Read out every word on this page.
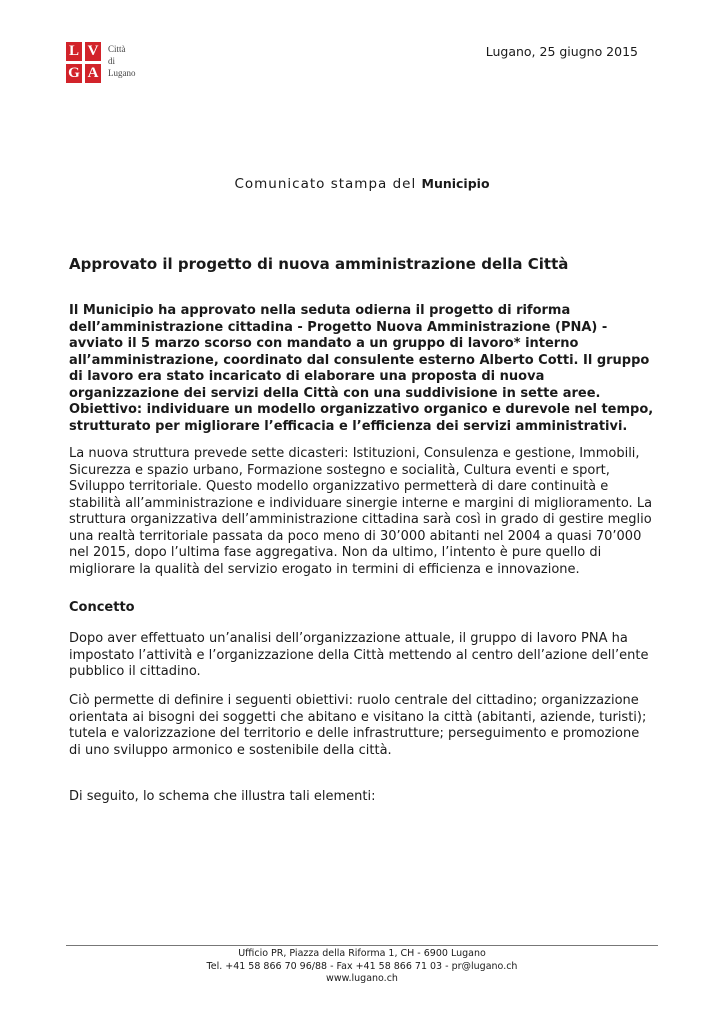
L V
G A
Città
di
Lugano
Lugano, 25 giugno 2015
Comunicato stampa del Municipio
Approvato il progetto di nuova amministrazione della Città

Il Municipio ha approvato nella seduta odierna il progetto di riforma dell’amministrazione cittadina - Progetto Nuova Amministrazione (PNA) - avviato il 5 marzo scorso con mandato a un gruppo di lavoro* interno all’amministrazione, coordinato dal consulente esterno Alberto Cotti. Il gruppo di lavoro era stato incaricato di elaborare una proposta di nuova organizzazione dei servizi della Città con una suddivisione in sette aree. Obiettivo: individuare un modello organizzativo organico e durevole nel tempo, strutturato per migliorare l’efficacia e l’efficienza dei servizi amministrativi.

La nuova struttura prevede sette dicasteri: Istituzioni, Consulenza e gestione, Immobili, Sicurezza e spazio urbano, Formazione sostegno e socialità, Cultura eventi e sport, Sviluppo territoriale. Questo modello organizzativo permetterà di dare continuità e stabilità all’amministrazione e individuare sinergie interne e margini di miglioramento. La struttura organizzativa dell’amministrazione cittadina sarà così in grado di gestire meglio una realtà territoriale passata da poco meno di 30’000 abitanti nel 2004 a quasi 70’000 nel 2015, dopo l’ultima fase aggregativa. Non da ultimo, l’intento è pure quello di migliorare la qualità del servizio erogato in termini di efficienza e innovazione.

Concetto

Dopo aver effettuato un’analisi dell’organizzazione attuale, il gruppo di lavoro PNA ha impostato l’attività e l’organizzazione della Città mettendo al centro dell’azione dell’ente pubblico il cittadino.

Ciò permette di definire i seguenti obiettivi: ruolo centrale del cittadino; organizzazione orientata ai bisogni dei soggetti che abitano e visitano la città (abitanti, aziende, turisti); tutela e valorizzazione del territorio e delle infrastrutture; perseguimento e promozione di uno sviluppo armonico e sostenibile della città.

Di seguito, lo schema che illustra tali elementi:

Ufficio PR, Piazza della Riforma 1, CH - 6900 Lugano
Tel. +41 58 866 70 96/88 - Fax +41 58 866 71 03 - pr@lugano.ch
www.lugano.ch
